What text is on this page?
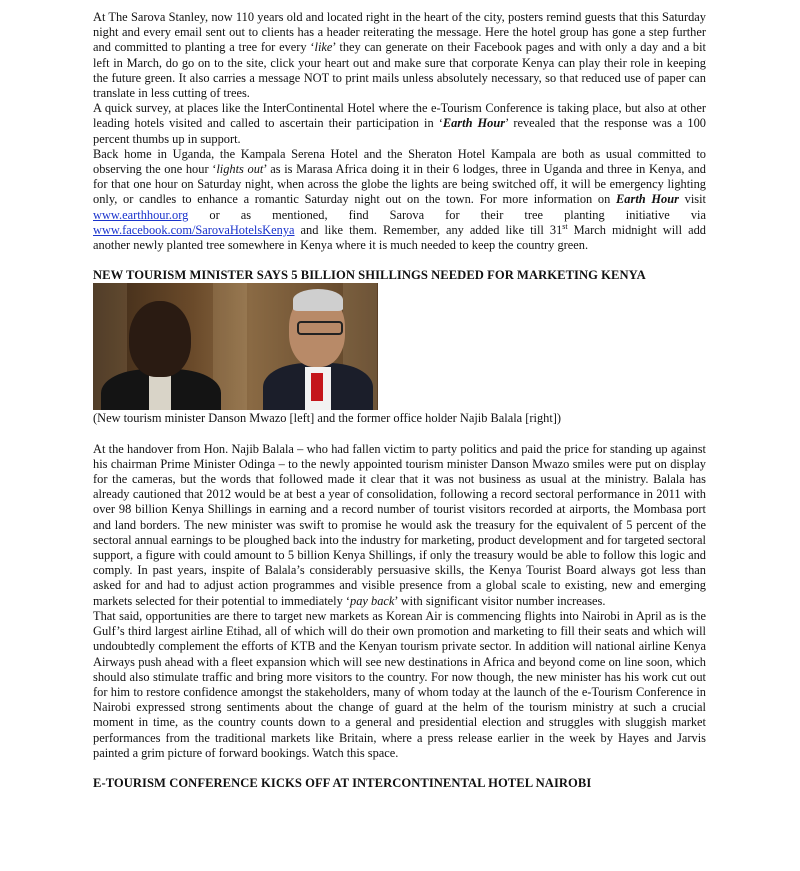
At The Sarova Stanley, now 110 years old and located right in the heart of the city, posters remind guests that this Saturday night and every email sent out to clients has a header reiterating the message. Here the hotel group has gone a step further and committed to planting a tree for every ‘like’ they can generate on their Facebook pages and with only a day and a bit left in March, do go on to the site, click your heart out and make sure that corporate Kenya can play their role in keeping the future green. It also carries a message NOT to print mails unless absolutely necessary, so that reduced use of paper can translate in less cutting of trees.

A quick survey, at places like the InterContinental Hotel where the e-Tourism Conference is taking place, but also at other leading hotels visited and called to ascertain their participation in ‘Earth Hour’ revealed that the response was a 100 percent thumbs up in support.

Back home in Uganda, the Kampala Serena Hotel and the Sheraton Hotel Kampala are both as usual committed to observing the one hour ‘lights out’ as is Marasa Africa doing it in their 6 lodges, three in Uganda and three in Kenya, and for that one hour on Saturday night, when across the globe the lights are being switched off, it will be emergency lighting only, or candles to enhance a romantic Saturday night out on the town. For more information on Earth Hour visit www.earthhour.org or as mentioned, find Sarova for their tree planting initiative via www.facebook.com/SarovaHotelsKenya and like them. Remember, any added like till 31st March midnight will add another newly planted tree somewhere in Kenya where it is much needed to keep the country green.

NEW TOURISM MINISTER SAYS 5 BILLION SHILLINGS NEEDED FOR MARKETING KENYA

(New tourism minister Danson Mwazo [left] and the former office holder Najib Balala [right])

At the handover from Hon. Najib Balala – who had fallen victim to party politics and paid the price for standing up against his chairman Prime Minister Odinga – to the newly appointed tourism minister Danson Mwazo smiles were put on display for the cameras, but the words that followed made it clear that it was not business as usual at the ministry. Balala has already cautioned that 2012 would be at best a year of consolidation, following a record sectoral performance in 2011 with over 98 billion Kenya Shillings in earning and a record number of tourist visitors recorded at airports, the Mombasa port and land borders. The new minister was swift to promise he would ask the treasury for the equivalent of 5 percent of the sectoral annual earnings to be ploughed back into the industry for marketing, product development and for targeted sectoral support, a figure with could amount to 5 billion Kenya Shillings, if only the treasury would be able to follow this logic and comply. In past years, inspite of Balala’s considerably persuasive skills, the Kenya Tourist Board always got less than asked for and had to adjust action programmes and visible presence from a global scale to existing, new and emerging markets selected for their potential to immediately ‘pay back’ with significant visitor number increases.

That said, opportunities are there to target new markets as Korean Air is commencing flights into Nairobi in April as is the Gulf’s third largest airline Etihad, all of which will do their own promotion and marketing to fill their seats and which will undoubtedly complement the efforts of KTB and the Kenyan tourism private sector. In addition will national airline Kenya Airways push ahead with a fleet expansion which will see new destinations in Africa and beyond come on line soon, which should also stimulate traffic and bring more visitors to the country. For now though, the new minister has his work cut out for him to restore confidence amongst the stakeholders, many of whom today at the launch of the e-Tourism Conference in Nairobi expressed strong sentiments about the change of guard at the helm of the tourism ministry at such a crucial moment in time, as the country counts down to a general and presidential election and struggles with sluggish market performances from the traditional markets like Britain, where a press release earlier in the week by Hayes and Jarvis painted a grim picture of forward bookings. Watch this space.

E-TOURISM CONFERENCE KICKS OFF AT INTERCONTINENTAL HOTEL NAIROBI
